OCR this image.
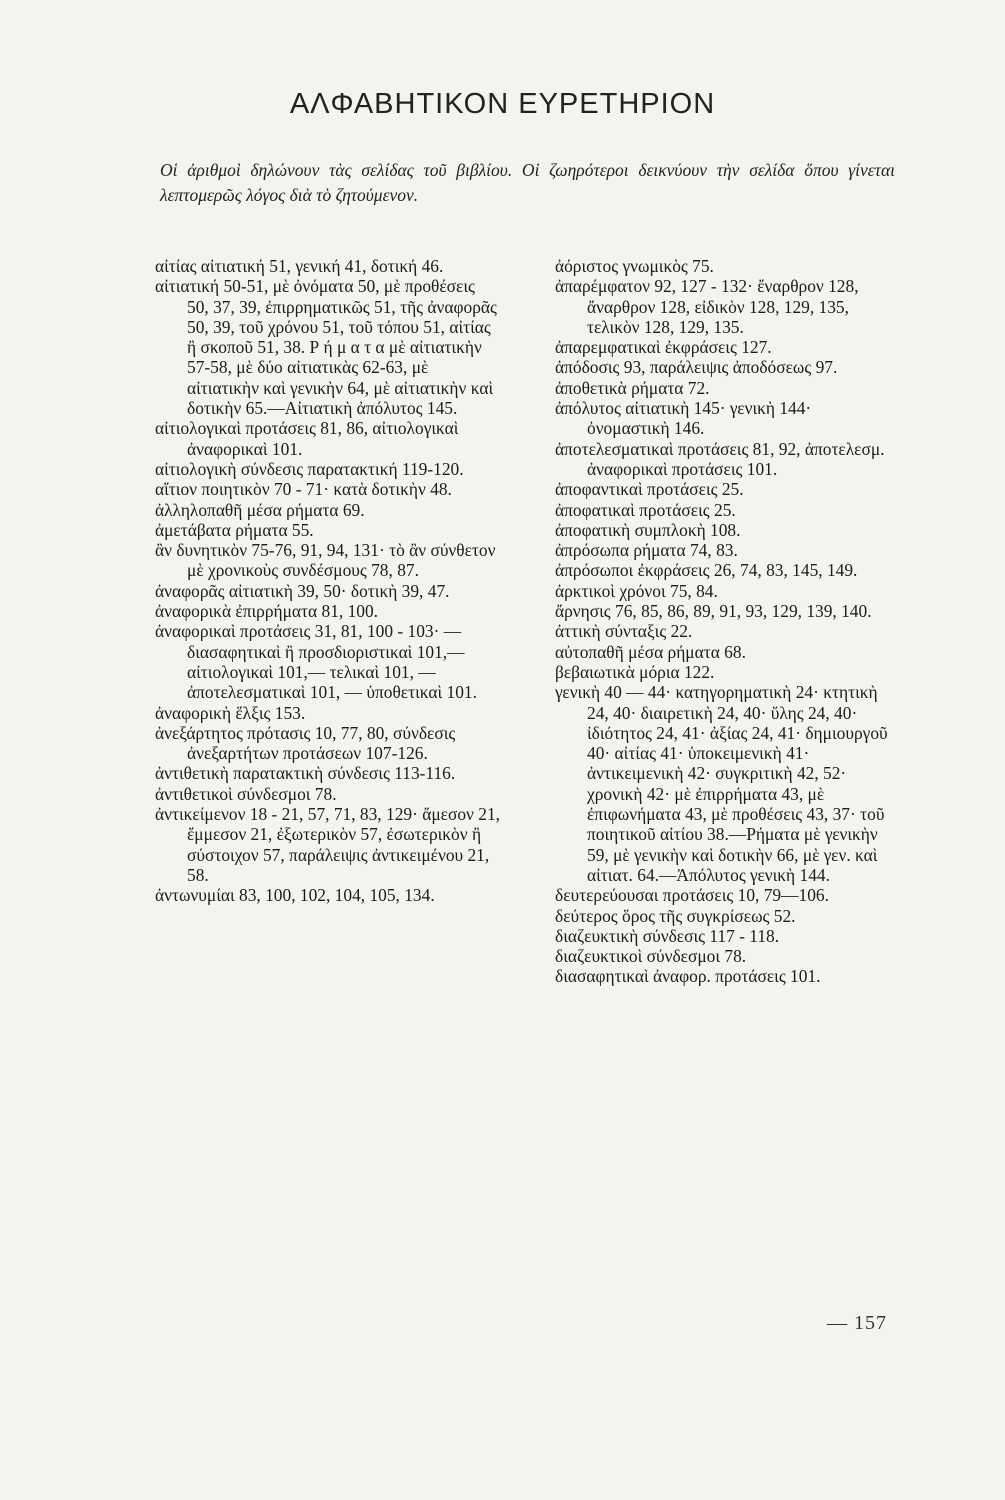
ΑΛΦΑΒΗΤΙΚΟΝ ΕΥΡΕΤΗΡΙΟΝ
Οἱ ἀριθμοὶ δηλώνουν τὰς σελίδας τοῦ βιβλίου. Οἱ ζωηρότεροι δεικνύουν τὴν σελίδα ὅπου γίνεται λεπτομερῶς λόγος διὰ τὸ ζητούμενον.

αἰτίας αἰτιατική 51, γενική 41, δοτική 46.

αἰτιατική 50-51, μὲ ὀνόματα 50, μὲ προθέσεις 50, 37, 39, ἐπιρρηματικῶς 51, τῆς ἀναφορᾶς 50, 39, τοῦ χρόνου 51, τοῦ τόπου 51, αἰτίας ἢ σκοποῦ 51, 38. Ρ ή μ α τ α μὲ αἰτιατικὴν 57-58, μὲ δύο αἰτιατικὰς 62-63, μὲ αἰτιατικὴν καὶ γενικὴν 64, μὲ αἰτιατικὴν καὶ δοτικὴν 65.—Αἰτιατικὴ ἀπόλυτος 145.

αἰτιολογικαὶ προτάσεις 81, 86, αἰτιολογικαὶ ἀναφορικαὶ 101.

αἰτιολογικὴ σύνδεσις παρατακτική 119-120.

αἴτιον ποιητικὸν 70 - 71· κατὰ δοτικὴν 48.

ἀλληλοπαθῆ μέσα ρήματα 69.

ἀμετάβατα ρήματα 55.

ἂν δυνητικὸν 75-76, 91, 94, 131· τὸ ἂν σύνθετον μὲ χρονικοὺς συνδέσμους 78, 87.

ἀναφορᾶς αἰτιατικὴ 39, 50· δοτικὴ 39, 47.

ἀναφορικὰ ἐπιρρήματα 81, 100.

ἀναφορικαὶ προτάσεις 31, 81, 100 - 103· — διασαφητικαὶ ἢ προσδιοριστικαὶ 101,—αἰτιολογικαὶ 101,— τελικαὶ 101, — ἀποτελεσματικαὶ 101, — ὑποθετικαὶ 101.

ἀναφορικὴ ἕλξις 153.

ἀνεξάρτητος πρότασις 10, 77, 80, σύνδεσις ἀνεξαρτήτων προτάσεων 107-126.

ἀντιθετικὴ παρατακτικὴ σύνδεσις 113-116.

ἀντιθετικοὶ σύνδεσμοι 78.

ἀντικείμενον 18 - 21, 57, 71, 83, 129· ἄμεσον 21, ἔμμεσον 21, ἐξωτερικὸν 57, ἐσωτερικὸν ἢ σύστοιχον 57, παράλειψις ἀντικειμένου 21, 58.

ἀντωνυμίαι 83, 100, 102, 104, 105, 134.

ἀόριστος γνωμικὸς 75.

ἀπαρέμφατον 92, 127 - 132· ἔναρθρον 128, ἄναρθρον 128, εἰδικὸν 128, 129, 135, τελικὸν 128, 129, 135.

ἀπαρεμφατικαὶ ἐκφράσεις 127.

ἀπόδοσις 93, παράλειψις ἀποδόσεως 97.

ἀποθετικὰ ρήματα 72.

ἀπόλυτος αἰτιατικὴ 145· γενικὴ 144· ὀνομαστικὴ 146.

ἀποτελεσματικαὶ προτάσεις 81, 92, ἀποτελεσμ. ἀναφορικαὶ προτάσεις 101.

ἀποφαντικαὶ προτάσεις 25.

ἀποφατικαὶ προτάσεις 25.

ἀποφατικὴ συμπλοκὴ 108.

ἀπρόσωπα ρήματα 74, 83.

ἀπρόσωποι ἐκφράσεις 26, 74, 83, 145, 149.

ἀρκτικοὶ χρόνοι 75, 84.

ἄρνησις 76, 85, 86, 89, 91, 93, 129, 139, 140.

ἀττικὴ σύνταξις 22.

αὐτοπαθῆ μέσα ρήματα 68.

βεβαιωτικὰ μόρια 122.

γενικὴ 40 — 44· κατηγορηματικὴ 24· κτητικὴ 24, 40· διαιρετικὴ 24, 40· ὕλης 24, 40· ἰδιότητος 24, 41· ἀξίας 24, 41· δημιουργοῦ 40· αἰτίας 41· ὑποκειμενικὴ 41· ἀντικειμενικὴ 42· συγκριτικὴ 42, 52· χρονικὴ 42· μὲ ἐπιρρήματα 43, μὲ ἐπιφωνήματα 43, μὲ προθέσεις 43, 37· τοῦ ποιητικοῦ αἰτίου 38.—Ρήματα μὲ γενικὴν 59, μὲ γενικὴν καὶ δοτικὴν 66, μὲ γεν. καὶ αἰτιατ. 64.—Ἀπόλυτος γενικὴ 144.

δευτερεύουσαι προτάσεις 10, 79—106.

δεύτερος ὅρος τῆς συγκρίσεως 52.

διαζευκτικὴ σύνδεσις 117 - 118.

διαζευκτικοὶ σύνδεσμοι 78.

διασαφητικαὶ ἀναφορ. προτάσεις 101.

— 157
